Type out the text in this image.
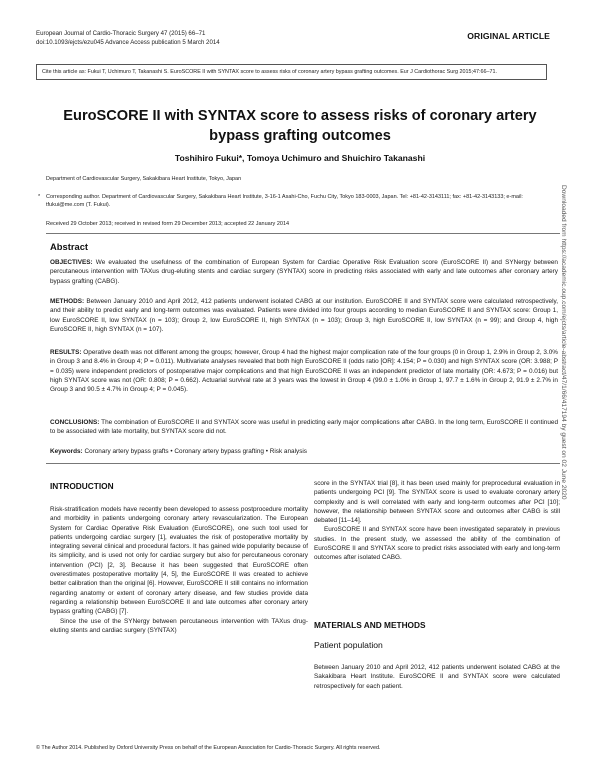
European Journal of Cardio-Thoracic Surgery 47 (2015) 66–71
doi:10.1093/ejcts/ezu045 Advance Access publication 5 March 2014
ORIGINAL ARTICLE
Cite this article as: Fukui T, Uchimuro T, Takanashi S. EuroSCORE II with SYNTAX score to assess risks of coronary artery bypass grafting outcomes. Eur J Cardiothorac Surg 2015;47:66–71.
EuroSCORE II with SYNTAX score to assess risks of coronary artery bypass grafting outcomes
Toshihiro Fukui*, Tomoya Uchimuro and Shuichiro Takanashi
Department of Cardiovascular Surgery, Sakakibara Heart Institute, Tokyo, Japan
* Corresponding author. Department of Cardiovascular Surgery, Sakakibara Heart Institute, 3-16-1 Asahi-Cho, Fuchu City, Tokyo 183-0003, Japan. Tel: +81-42-3143111; fax: +81-42-3143133; e-mail: tfukui@me.com (T. Fukui).
Received 29 October 2013; received in revised form 29 December 2013; accepted 22 January 2014
Abstract
OBJECTIVES: We evaluated the usefulness of the combination of European System for Cardiac Operative Risk Evaluation score (EuroSCORE II) and SYNergy between percutaneous intervention with TAXus drug-eluting stents and cardiac surgery (SYNTAX) score in predicting risks associated with early and late outcomes after coronary artery bypass grafting (CABG).
METHODS: Between January 2010 and April 2012, 412 patients underwent isolated CABG at our institution. EuroSCORE II and SYNTAX score were calculated retrospectively, and their ability to predict early and long-term outcomes was evaluated. Patients were divided into four groups according to median EuroSCORE II and SYNTAX score: Group 1, low EuroSCORE II, low SYNTAX (n = 103); Group 2, low EuroSCORE II, high SYNTAX (n = 103); Group 3, high EuroSCORE II, low SYNTAX (n = 99); and Group 4, high EuroSCORE II, high SYNTAX (n = 107).
RESULTS: Operative death was not different among the groups; however, Group 4 had the highest major complication rate of the four groups (0 in Group 1, 2.9% in Group 2, 3.0% in Group 3 and 8.4% in Group 4; P = 0.011). Multivariate analyses revealed that both high EuroSCORE II (odds ratio [OR]: 4.154; P = 0.030) and high SYNTAX score (OR: 3.988; P = 0.035) were independent predictors of postoperative major complications and that high EuroSCORE II was an independent predictor of late mortality (OR: 4.673; P = 0.016) but high SYNTAX score was not (OR: 0.808; P = 0.662). Actuarial survival rate at 3 years was the lowest in Group 4 (99.0 ± 1.0% in Group 1, 97.7 ± 1.6% in Group 2, 91.9 ± 2.7% in Group 3 and 90.5 ± 4.7% in Group 4; P = 0.045).
CONCLUSIONS: The combination of EuroSCORE II and SYNTAX score was useful in predicting early major complications after CABG. In the long term, EuroSCORE II continued to be associated with late mortality, but SYNTAX score did not.
Keywords: Coronary artery bypass grafts • Coronary artery bypass grafting • Risk analysis
INTRODUCTION

Risk-stratification models have recently been developed to assess postprocedure mortality and morbidity in patients undergoing coronary artery revascularization. The European System for Cardiac Operative Risk Evaluation (EuroSCORE), one such tool used for patients undergoing cardiac surgery [1], evaluates the risk of postoperative mortality by integrating several clinical and procedural factors. It has gained wide popularity because of its simplicity, and is used not only for cardiac surgery but also for percutaneous coronary intervention (PCI) [2, 3]. Because it has been suggested that EuroSCORE often overestimates postoperative mortality [4, 5], the EuroSCORE II was created to achieve better calibration than the original [6]. However, EuroSCORE II still contains no information regarding anatomy or extent of coronary artery disease, and few studies provide data regarding a relationship between EuroSCORE II and late outcomes after coronary artery bypass grafting (CABG) [7].

Since the use of the SYNergy between percutaneous intervention with TAXus drug-eluting stents and cardiac surgery (SYNTAX)

score in the SYNTAX trial [8], it has been used mainly for preprocedural evaluation in patients undergoing PCI [9]. The SYNTAX score is used to evaluate coronary artery complexity and is well correlated with early and long-term outcomes after PCI [10]; however, the relationship between SYNTAX score and outcomes after CABG is still debated [11–14].

EuroSCORE II and SYNTAX score have been investigated separately in previous studies. In the present study, we assessed the ability of the combination of EuroSCORE II and SYNTAX score to predict risks associated with early and long-term outcomes after isolated CABG.

MATERIALS AND METHODS
Patient population

Between January 2010 and April 2012, 412 patients underwent isolated CABG at the Sakakibara Heart Institute. EuroSCORE II and SYNTAX score were calculated retrospectively for each patient.

© The Author 2014. Published by Oxford University Press on behalf of the European Association for Cardio-Thoracic Surgery. All rights reserved.
Downloaded from https://academic.oup.com/ejcts/article-abstract/47/1/66/417194 by guest on 02 June 2020
